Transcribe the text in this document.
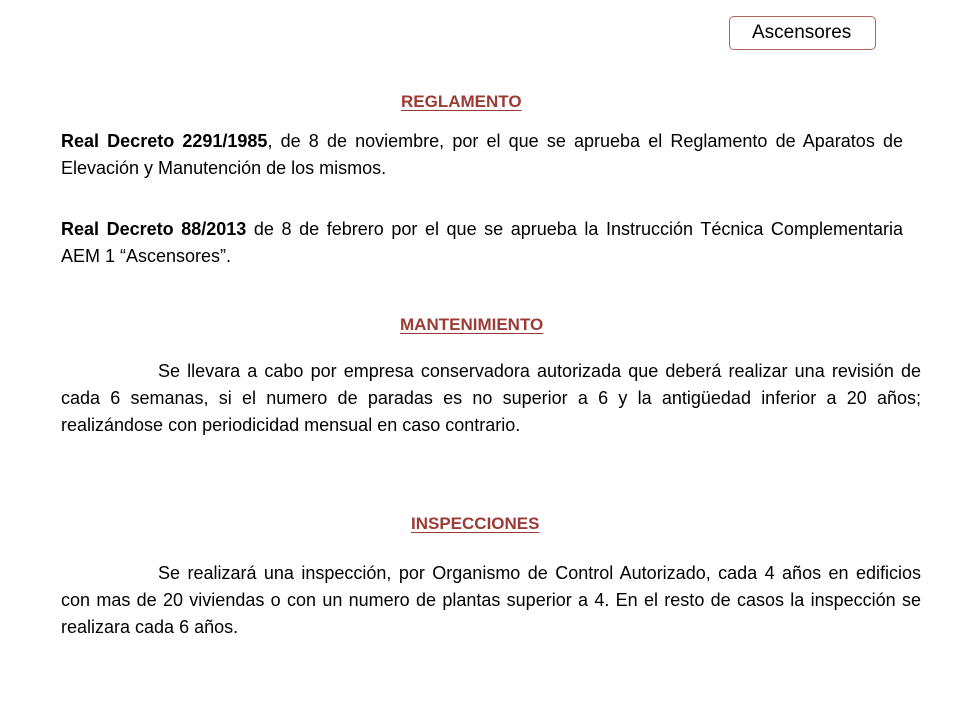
Ascensores
REGLAMENTO

Real Decreto 2291/1985, de 8 de noviembre, por el que se aprueba el Reglamento de Aparatos de Elevación y Manutención de los mismos.

Real Decreto 88/2013 de 8 de febrero por el que se aprueba la Instrucción Técnica Complementaria AEM 1 “Ascensores”.

MANTENIMIENTO

Se llevara a cabo por empresa conservadora autorizada que deberá realizar una revisión de cada 6 semanas, si el numero de paradas es no superior a 6 y la antigüedad inferior a 20 años; realizándose con periodicidad mensual en caso contrario.

INSPECCIONES

Se realizará una inspección, por Organismo de Control Autorizado, cada 4 años en edificios con mas de 20 viviendas o con un numero de plantas superior a 4. En el resto de casos la inspección se realizara cada 6 años.
